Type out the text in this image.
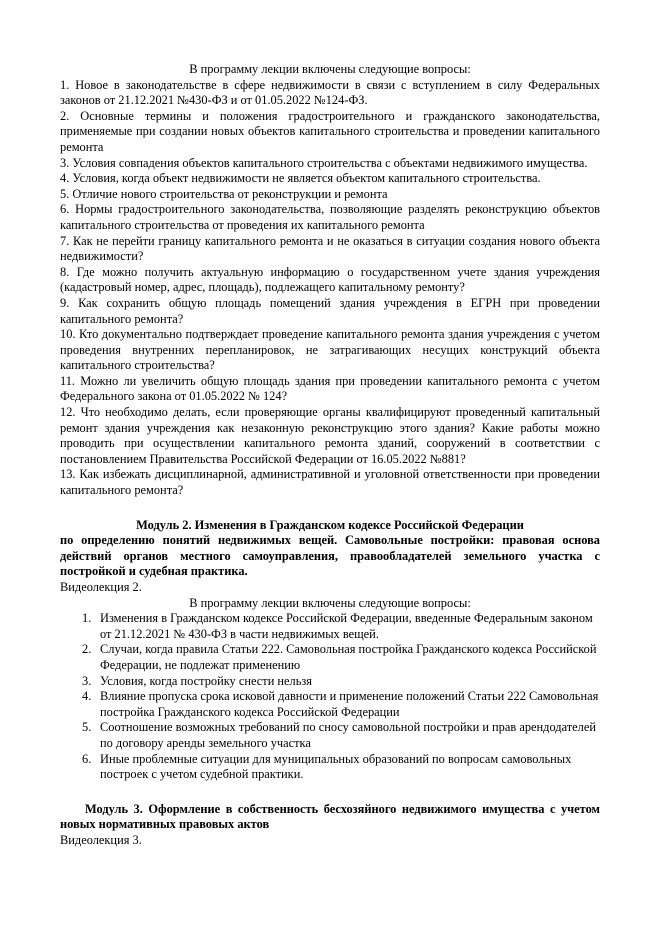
В программу лекции включены следующие вопросы:

1. Новое в законодательстве в сфере недвижимости в связи с вступлением в силу Федеральных законов от 21.12.2021 №430-ФЗ и от 01.05.2022 №124-ФЗ.

2. Основные термины и положения градостроительного и гражданского законодательства, применяемые при создании новых объектов капитального строительства и проведении капитального ремонта

3. Условия совпадения объектов капитального строительства с объектами недвижимого имущества.

4. Условия, когда объект недвижимости не является объектом капитального строительства.

5. Отличие нового строительства от реконструкции и ремонта

6. Нормы градостроительного законодательства, позволяющие разделять реконструкцию объектов капитального строительства от проведения их капитального ремонта

7. Как не перейти границу капитального ремонта и не оказаться в ситуации создания нового объекта недвижимости?

8. Где можно получить актуальную информацию о государственном учете здания учреждения (кадастровый номер, адрес, площадь), подлежащего капитальному ремонту?

9. Как сохранить общую площадь помещений здания учреждения в ЕГРН при проведении капитального ремонта?

10. Кто документально подтверждает проведение капитального ремонта здания учреждения с учетом проведения внутренних перепланировок, не затрагивающих несущих конструкций объекта капитального строительства?

11. Можно ли увеличить общую площадь здания при проведении капитального ремонта с учетом Федерального закона от 01.05.2022 № 124?

12. Что необходимо делать, если проверяющие органы квалифицируют проведенный капитальный ремонт здания учреждения как незаконную реконструкцию этого здания? Какие работы можно проводить при осуществлении капитального ремонта зданий, сооружений в соответствии с постановлением Правительства Российской Федерации от 16.05.2022 №881?

13. Как избежать дисциплинарной, административной и уголовной ответственности при проведении капитального ремонта?

Модуль 2. Изменения в Гражданском кодексе Российской Федерации

по определению понятий недвижимых вещей. Самовольные постройки: правовая основа действий органов местного самоуправления, правообладателей земельного участка с постройкой и судебная практика.

Видеолекция 2.

В программу лекции включены следующие вопросы:

1. Изменения в Гражданском кодексе Российской Федерации, введенные Федеральным законом от 21.12.2021 № 430-ФЗ в части недвижимых вещей.
2. Случаи, когда правила Статьи 222. Самовольная постройка Гражданского кодекса Российской Федерации, не подлежат применению
3. Условия, когда постройку снести нельзя
4. Влияние пропуска срока исковой давности и применение положений Статьи 222 Самовольная постройка Гражданского кодекса Российской Федерации
5. Соотношение возможных требований по сносу самовольной постройки и прав арендодателей по договору аренды земельного участка
6. Иные проблемные ситуации для муниципальных образований по вопросам самовольных построек с учетом судебной практики.

Модуль 3. Оформление в собственность бесхозяйного недвижимого имущества с учетом новых нормативных правовых актов

Видеолекция 3.
